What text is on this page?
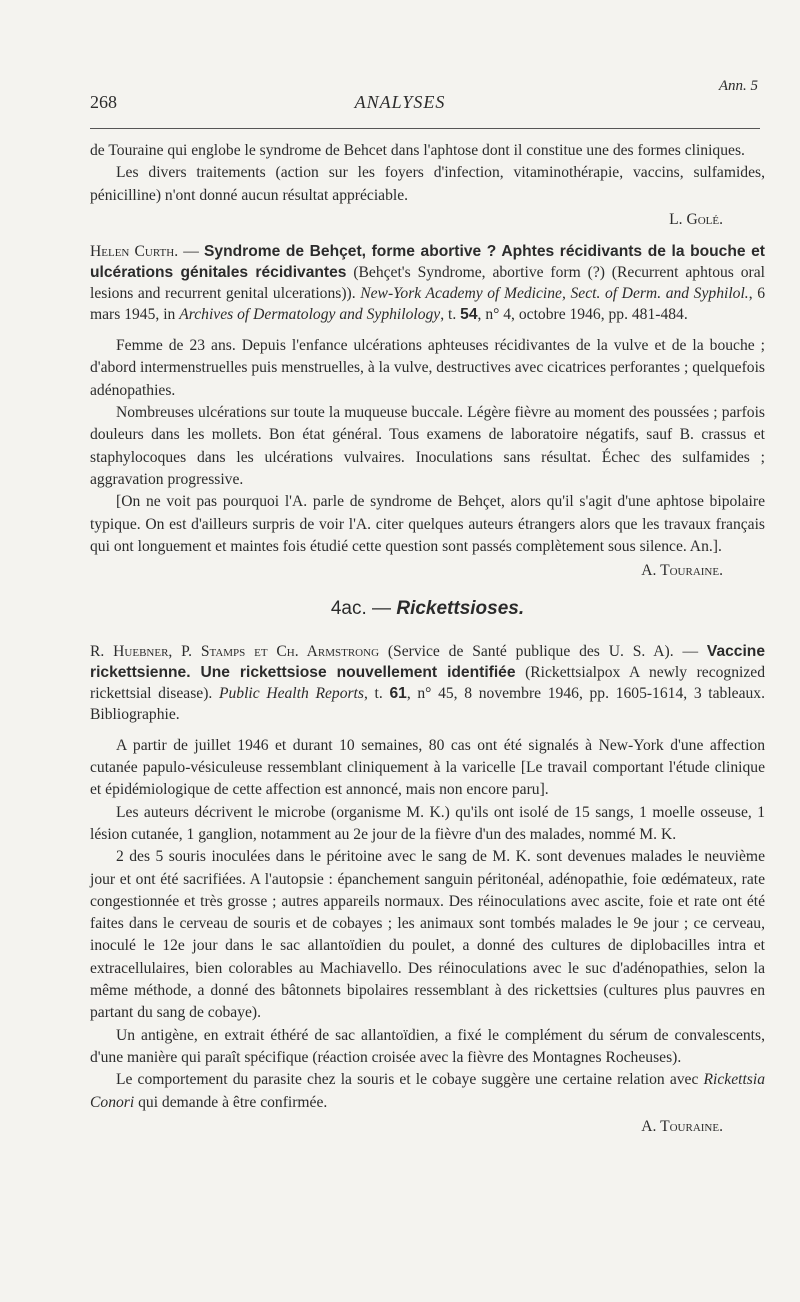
Ann. 5
268	ANALYSES

de Touraine qui englobe le syndrome de Behcet dans l'aphtose dont il constitue une des formes cliniques.

Les divers traitements (action sur les foyers d'infection, vitaminothérapie, vaccins, sulfamides, pénicilline) n'ont donné aucun résultat appréciable.

L. Golé.

Helen Curth. — Syndrome de Behçet, forme abortive ? Aphtes récidivants de la bouche et ulcérations génitales récidivantes (Behçet's Syndrome, abortive form (?) (Recurrent aphtous oral lesions and recurrent genital ulcerations)). New-York Academy of Medicine, Sect. of Derm. and Syphilol., 6 mars 1945, in Archives of Dermatology and Syphilology, t. 54, n° 4, octobre 1946, pp. 481-484.

Femme de 23 ans. Depuis l'enfance ulcérations aphteuses récidivantes de la vulve et de la bouche ; d'abord intermenstruelles puis menstruelles, à la vulve, destructives avec cicatrices perforantes ; quelquefois adénopathies.

Nombreuses ulcérations sur toute la muqueuse buccale. Légère fièvre au moment des poussées ; parfois douleurs dans les mollets. Bon état général. Tous examens de laboratoire négatifs, sauf B. crassus et staphylocoques dans les ulcérations vulvaires. Inoculations sans résultat. Échec des sulfamides ; aggravation progressive.

[On ne voit pas pourquoi l'A. parle de syndrome de Behçet, alors qu'il s'agit d'une aphtose bipolaire typique. On est d'ailleurs surpris de voir l'A. citer quelques auteurs étrangers alors que les travaux français qui ont longuement et maintes fois étudié cette question sont passés complètement sous silence. An.].

A. Touraine.

4ac. — Rickettsioses.

R. Huebner, P. Stamps et Ch. Armstrong (Service de Santé publique des U. S. A). — Vaccine rickettsienne. Une rickettsiose nouvellement identifiée (Rickettsialpox A newly recognized rickettsial disease). Public Health Reports, t. 61, n° 45, 8 novembre 1946, pp. 1605-1614, 3 tableaux. Bibliographie.

A partir de juillet 1946 et durant 10 semaines, 80 cas ont été signalés à New-York d'une affection cutanée papulo-vésiculeuse ressemblant cliniquement à la varicelle [Le travail comportant l'étude clinique et épidémiologique de cette affection est annoncé, mais non encore paru].

Les auteurs décrivent le microbe (organisme M. K.) qu'ils ont isolé de 15 sangs, 1 moelle osseuse, 1 lésion cutanée, 1 ganglion, notamment au 2e jour de la fièvre d'un des malades, nommé M. K.

2 des 5 souris inoculées dans le péritoine avec le sang de M. K. sont devenues malades le neuvième jour et ont été sacrifiées. A l'autopsie : épanchement sanguin péritonéal, adénopathie, foie œdémateux, rate congestionnée et très grosse ; autres appareils normaux. Des réinoculations avec ascite, foie et rate ont été faites dans le cerveau de souris et de cobayes ; les animaux sont tombés malades le 9e jour ; ce cerveau, inoculé le 12e jour dans le sac allantoïdien du poulet, a donné des cultures de diplobacilles intra et extracellulaires, bien colorables au Machiavello. Des réinoculations avec le suc d'adénopathies, selon la même méthode, a donné des bâtonnets bipolaires ressemblant à des rickettsies (cultures plus pauvres en partant du sang de cobaye).

Un antigène, en extrait éthéré de sac allantoïdien, a fixé le complément du sérum de convalescents, d'une manière qui paraît spécifique (réaction croisée avec la fièvre des Montagnes Rocheuses).

Le comportement du parasite chez la souris et le cobaye suggère une certaine relation avec Rickettsia Conori qui demande à être confirmée.

A. Touraine.
